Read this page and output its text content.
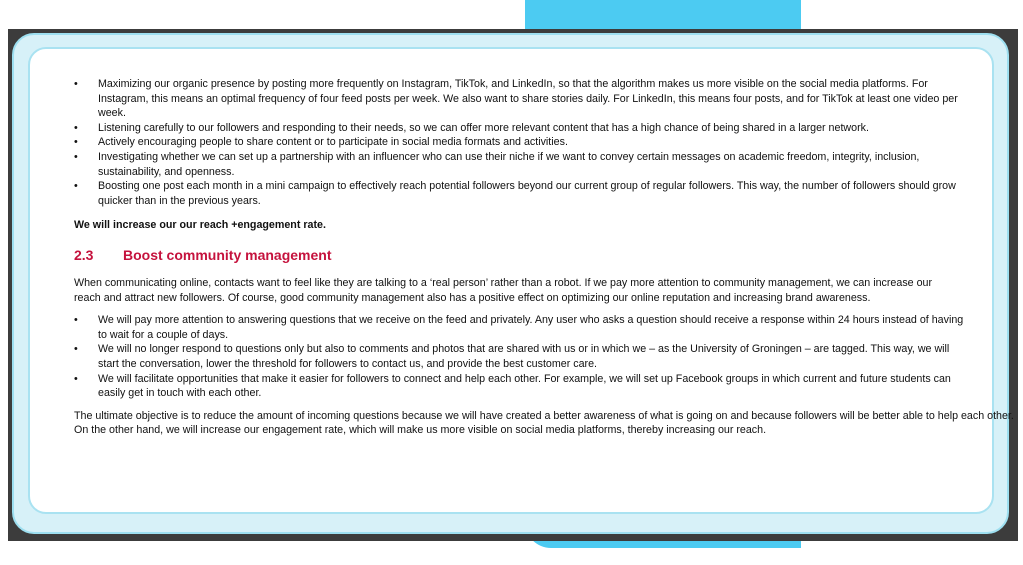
•	Maximizing our organic presence by posting more frequently on Instagram, TikTok, and LinkedIn, so that the algorithm makes us more visible on the social media platforms. For Instagram, this means an optimal frequency of four feed posts per week. We also want to share stories daily. For LinkedIn, this means four posts, and for TikTok at least one video per week.
•	Listening carefully to our followers and responding to their needs, so we can offer more relevant content that has a high chance of being shared in a larger network.
•	Actively encouraging people to share content or to participate in social media formats and activities.
•	Investigating whether we can set up a partnership with an influencer who can use their niche if we want to convey certain messages on academic freedom, integrity, inclusion, sustainability, and openness.
•	Boosting one post each month in a mini campaign to effectively reach potential followers beyond our current group of regular followers. This way, the number of followers should grow quicker than in the previous years.
We will increase our our reach +engagement rate.
2.3	Boost community management
When communicating online, contacts want to feel like they are talking to a ‘real person’ rather than a robot. If we pay more attention to community management, we can increase our reach and attract new followers. Of course, good community management also has a positive effect on optimizing our online reputation and increasing brand awareness.
•	We will pay more attention to answering questions that we receive on the feed and privately. Any user who asks a question should receive a response within 24 hours instead of having to wait for a couple of days.
•	We will no longer respond to questions only but also to comments and photos that are shared with us or in which we – as the University of Groningen – are tagged. This way, we will start the conversation, lower the threshold for followers to contact us, and provide the best customer care.
•	We will facilitate opportunities that make it easier for followers to connect and help each other. For example, we will set up Facebook groups in which current and future students can easily get in touch with each other.
The ultimate objective is to reduce the amount of incoming questions because we will have created a better awareness of what is going on and because followers will be better able to help each other. On the other hand, we will increase our engagement rate, which will make us more visible on social media platforms, thereby increasing our reach.
